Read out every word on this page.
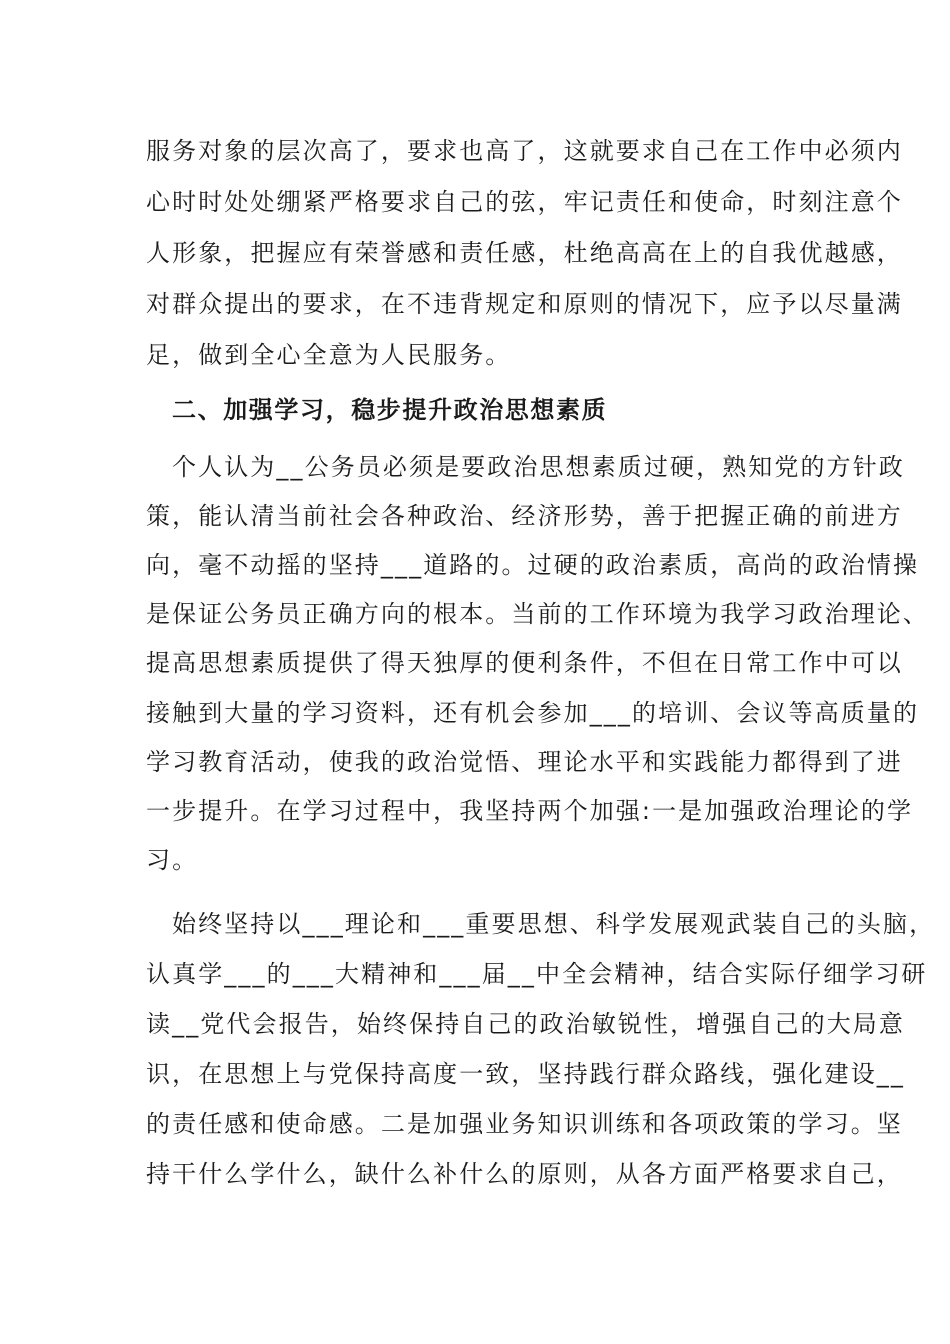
服务对象的层次高了，要求也高了，这就要求自己在工作中必须内
心时时处处绷紧严格要求自己的弦，牢记责任和使命，时刻注意个
人形象，把握应有荣誉感和责任感，杜绝高高在上的自我优越感，
对群众提出的要求，在不违背规定和原则的情况下，应予以尽量满
足，做到全心全意为人民服务。
二、加强学习，稳步提升政治思想素质
个人认为__公务员必须是要政治思想素质过硬，熟知党的方针政
策，能认清当前社会各种政治、经济形势，善于把握正确的前进方
向，毫不动摇的坚持___道路的。过硬的政治素质，高尚的政治情操
是保证公务员正确方向的根本。当前的工作环境为我学习政治理论、
提高思想素质提供了得天独厚的便利条件，不但在日常工作中可以
接触到大量的学习资料，还有机会参加___的培训、会议等高质量的
学习教育活动，使我的政治觉悟、理论水平和实践能力都得到了进
一步提升。在学习过程中，我坚持两个加强:一是加强政治理论的学
习。
始终坚持以___理论和___重要思想、科学发展观武装自己的头脑，
认真学___的___大精神和___届__中全会精神，结合实际仔细学习研
读__党代会报告，始终保持自己的政治敏锐性，增强自己的大局意
识，在思想上与党保持高度一致，坚持践行群众路线，强化建设__
的责任感和使命感。二是加强业务知识训练和各项政策的学习。坚
持干什么学什么，缺什么补什么的原则，从各方面严格要求自己，
